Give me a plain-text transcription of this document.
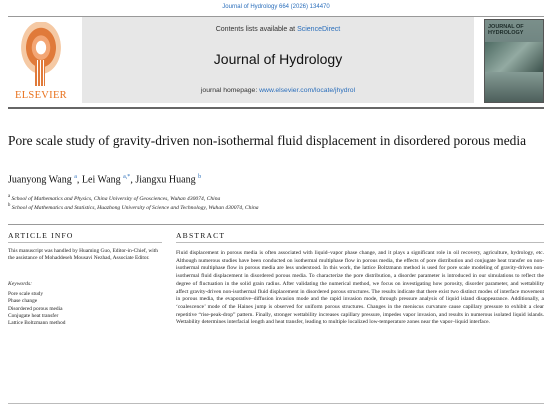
Journal of Hydrology 664 (2026) 134470
ELSEVIER
Contents lists available at ScienceDirect
Journal of Hydrology
journal homepage: www.elsevier.com/locate/jhydrol
JOURNAL OF
HYDROLOGY
Pore scale study of gravity-driven non-isothermal fluid displacement in disordered porous media
Juanyong Wang $^a$, Lei Wang $^{a,*}$, Jiangxu Huang $^b$
$^a$ School of Mathematics and Physics, China University of Geosciences, Wuhan 430074, China
$^b$ School of Mathematics and Statistics, Huazhong University of Science and Technology, Wuhan 430074, China
ARTICLE INFO
This manuscript was handled by Huaming Guo, Editor-in-Chief, with the assistance of Mohaddeseh Mousavi Nezhad, Associate Editor.
Keywords:
Pore scale study
Phase change
Disordered porous media
Conjugate heat transfer
Lattice Boltzmann method
ABSTRACT
Fluid displacement in porous media is often associated with liquid–vapor phase change, and it plays a significant role in oil recovery, agriculture, hydrology, etc. Although numerous studies have been conducted on isothermal multiphase flow in porous media, the effects of pore distribution and conjugate heat transfer on non-isothermal multiphase flow in porous media are less understood. In this work, the lattice Boltzmann method is used for pore scale modeling of gravity-driven non-isothermal fluid displacement in disordered porous media. To characterize the pore distribution, a disorder parameter is introduced in our simulations to reflect the degree of fluctuation in the solid grain radius. After validating the numerical method, we focus on investigating how porosity, disorder parameter, and wettability affect gravity-driven non-isothermal fluid displacement in disordered porous structures. The results indicate that there exist two distinct modes of interface movement in porous media, the evaporative–diffusion invasion mode and the rapid invasion mode, through pressure analysis of liquid island disappearance. Additionally, a ‘coalescence’ mode of the Haines jump is observed for uniform porous structures. Changes in the meniscus curvature cause capillary pressure to exhibit a clear repetitive “rise-peak-drop” pattern. Finally, stronger wettability increases capillary pressure, impedes vapor invasion, and results in numerous isolated liquid islands. Wettability determines interfacial length and heat transfer, leading to multiple localized low-temperature zones near the vapor–liquid interface.
